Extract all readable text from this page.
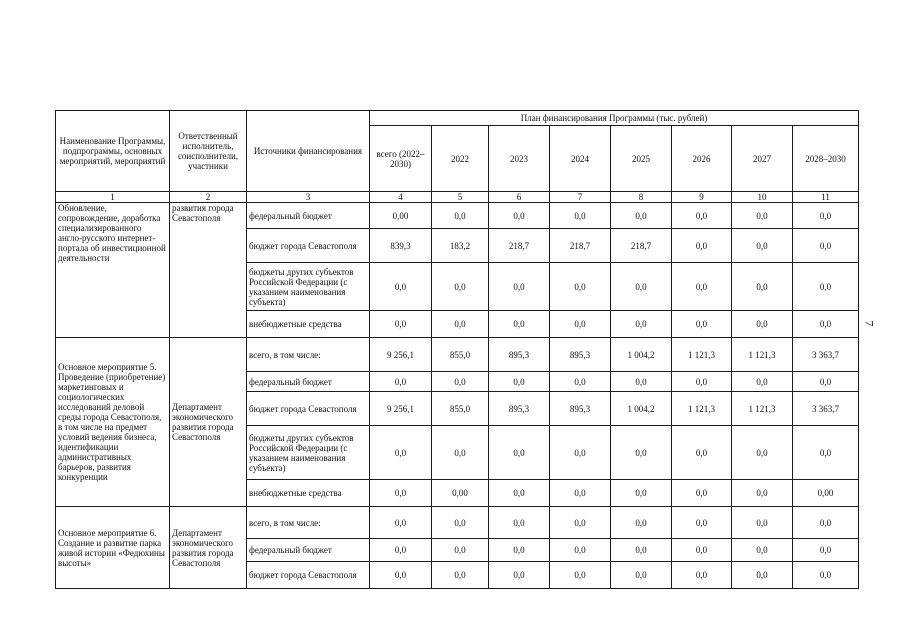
Наименование Программы, подпрограммы, основных мероприятий, мероприятий	Ответственный исполнитель, соисполнители, участники	Источники финансирования	План финансирования Программы (тыс. рублей)							
			всего (2022–2030)	2022	2023	2024	2025	2026	2027	2028–2030
1	2	3	4	5	6	7	8	9	10	11
Обновление, сопровождение, доработка специализированного англо-русского интернет-портала об инвестиционной деятельности	развития города Севастополя	федеральный бюджет	0,00	0,0	0,0	0,0	0,0	0,0	0,0	0,0
		бюджет города Севастополя	839,3	183,2	218,7	218,7	218,7	0,0	0,0	0,0
		бюджеты других субъектов Российской Федерации (с указанием наименования субъекта)	0,0	0,0	0,0	0,0	0,0	0,0	0,0	0,0
		внебюджетные средства	0,0	0,0	0,0	0,0	0,0	0,0	0,0	0,0
Основное мероприятие 5. Проведение (приобретение) маркетинговых и социологических исследований деловой среды города Севастополя, в том числе на предмет условий ведения бизнеса, идентификации административных барьеров, развития конкуренции	Департамент экономического развития города Севастополя	всего, в том числе:	9 256,1	855,0	895,3	895,3	1 004,2	1 121,3	1 121,3	3 363,7
		федеральный бюджет	0,0	0,0	0,0	0,0	0,0	0,0	0,0	0,0
		бюджет города Севастополя	9 256,1	855,0	895,3	895,3	1 004,2	1 121,3	1 121,3	3 363,7
		бюджеты других субъектов Российской Федерации (с указанием наименования субъекта)	0,0	0,0	0,0	0,0	0,0	0,0	0,0	0,0
		внебюджетные средства	0,0	0,00	0,0	0,0	0,0	0,0	0,0	0,00
Основное мероприятие 6. Создание и развитие парка живой истории «Федюхины высоты»	Департамент экономического развития города Севастополя	всего, в том числе:	0,0	0,0	0,0	0,0	0,0	0,0	0,0	0,0
		федеральный бюджет	0,0	0,0	0,0	0,0	0,0	0,0	0,0	0,0
		бюджет города Севастополя	0,0	0,0	0,0	0,0	0,0	0,0	0,0	0,0
7
